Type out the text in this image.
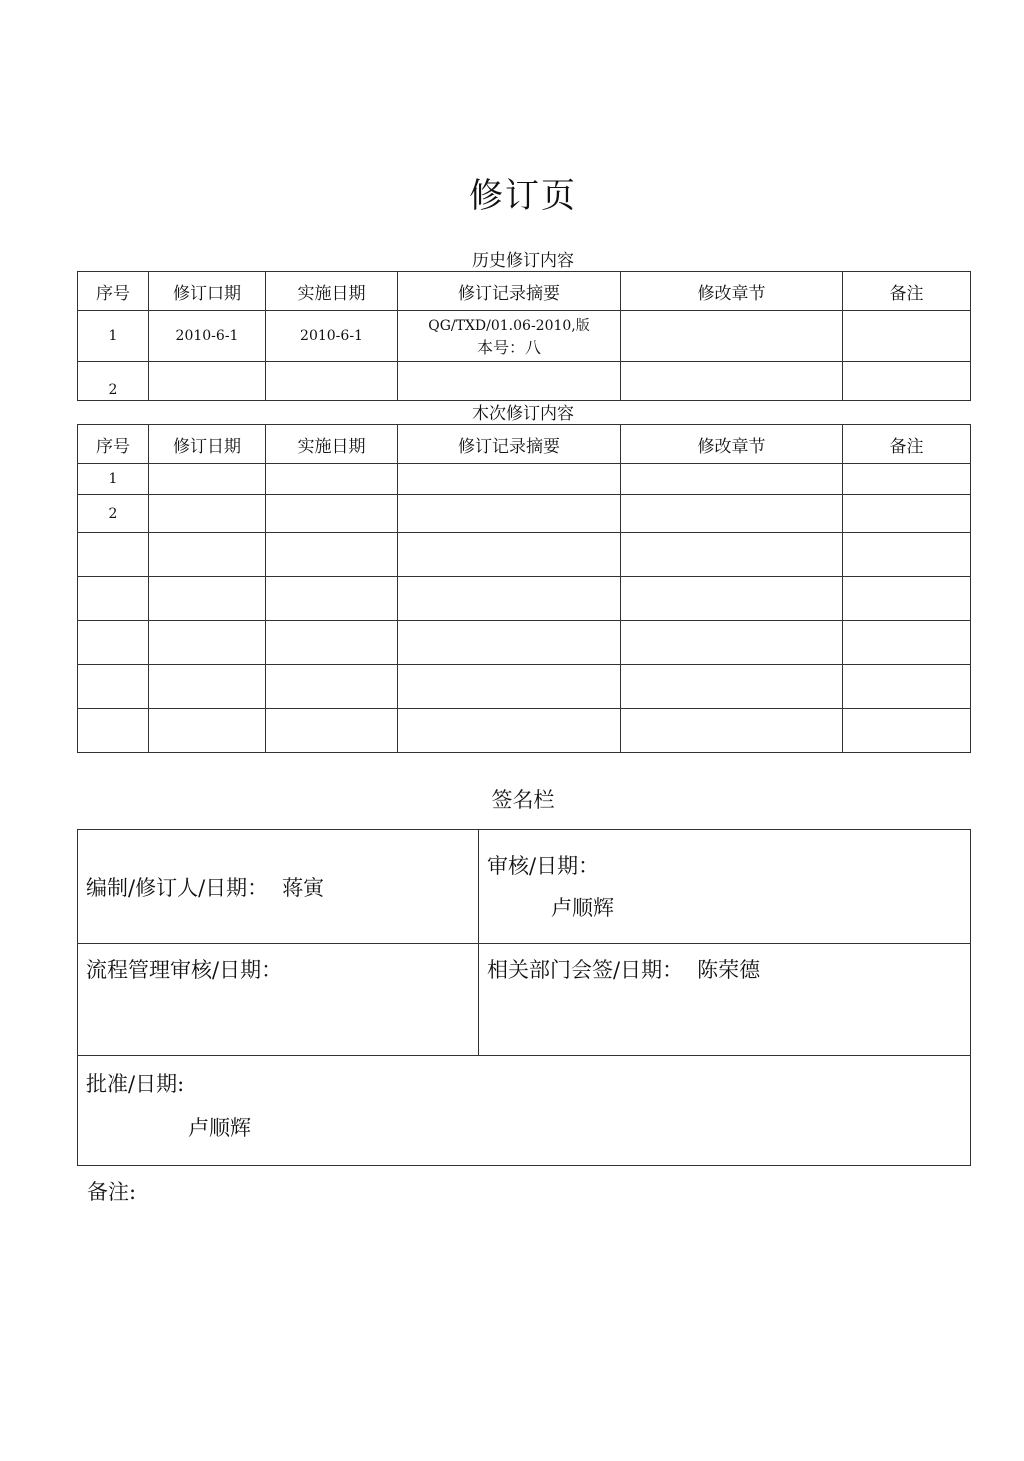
修订页
历史修订内容
序号	修订口期	实施日期	修订记录摘要	修改章节	备注
1	2010-6-1	2010-6-1	QG/TXD/01.06-2010,版
本号：八		

2					
木次修订内容
序号	修订日期	实施日期	修订记录摘要	修改章节	备注
1					
2					

签名栏
编制/修订人/日期： 蒋寅	审核/日期：
卢顺辉

流程管理审核/日期：	相关部门会签/日期： 陈荣德

批准/日期:
卢顺辉	
备注:
